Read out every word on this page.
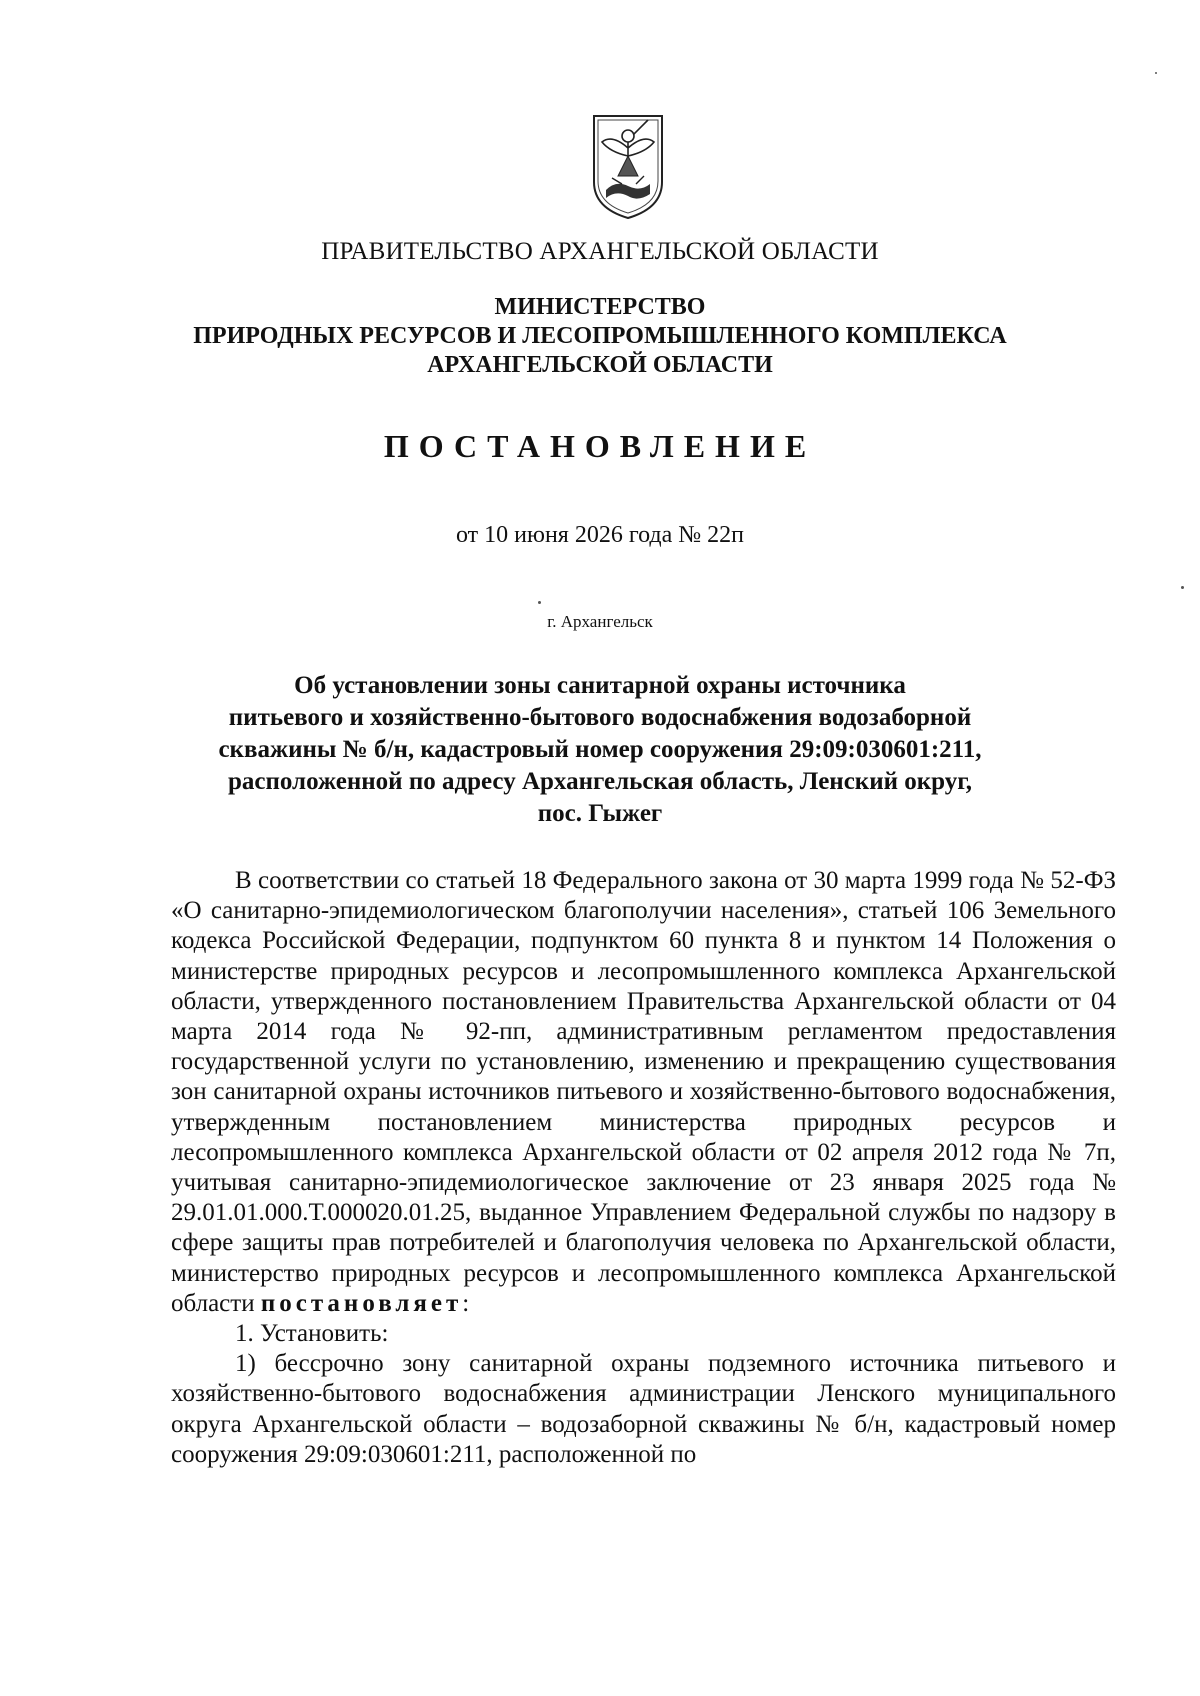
ПРАВИТЕЛЬСТВО АРХАНГЕЛЬСКОЙ ОБЛАСТИ
МИНИСТЕРСТВО
ПРИРОДНЫХ РЕСУРСОВ И ЛЕСОПРОМЫШЛЕННОГО КОМПЛЕКСА
АРХАНГЕЛЬСКОЙ ОБЛАСТИ
ПОСТАНОВЛЕНИЕ
от 10 июня 2026 года № 22п
г. Архангельск
Об установлении зоны санитарной охраны источника
питьевого и хозяйственно-бытового водоснабжения водозаборной
скважины № б/н, кадастровый номер сооружения 29:09:030601:211,
расположенной по адресу Архангельская область, Ленский округ,
пос. Гыжег

В соответствии со статьей 18 Федерального закона от 30 марта 1999 года № 52-ФЗ «О санитарно-эпидемиологическом благополучии населения», статьей 106 Земельного кодекса Российской Федерации, подпунктом 60 пункта 8 и пунктом 14 Положения о министерстве природных ресурсов и лесопромышленного комплекса Архангельской области, утвержденного постановлением Правительства Архангельской области от 04 марта 2014 года № 92-пп, административным регламентом предоставления государственной услуги по установлению, изменению и прекращению существования зон санитарной охраны источников питьевого и хозяйственно-бытового водоснабжения, утвержденным постановлением министерства природных ресурсов и лесопромышленного комплекса Архангельской области от 02 апреля 2012 года № 7п, учитывая санитарно-эпидемиологическое заключение от 23 января 2025 года № 29.01.01.000.Т.000020.01.25, выданное Управлением Федеральной службы по надзору в сфере защиты прав потребителей и благополучия человека по Архангельской области, министерство природных ресурсов и лесопромышленного комплекса Архангельской области постановляет:

1. Установить:

1) бессрочно зону санитарной охраны подземного источника питьевого и хозяйственно-бытового водоснабжения администрации Ленского муниципального округа Архангельской области – водозаборной скважины № б/н, кадастровый номер сооружения 29:09:030601:211, расположенной по
